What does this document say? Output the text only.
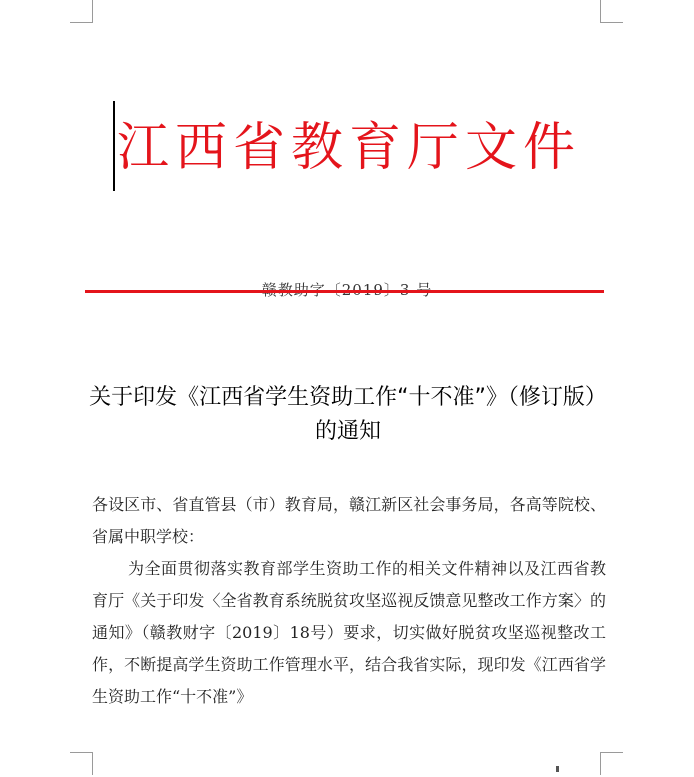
江西省教育厅文件
关于印发《江西省学生资助工作“十不准”》（修订版）的通知

各设区市、省直管县（市）教育局，赣江新区社会事务局，各高等院校、省属中职学校：

为全面贯彻落实教育部学生资助工作的相关文件精神以及江西省教育厅《关于印发〈全省教育系统脱贫攻坚巡视反馈意见整改工作方案〉的通知》（赣教财字〔2019〕18号）要求，切实做好脱贫攻坚巡视整改工作，不断提高学生资助工作管理水平，结合我省实际，现印发《江西省学生资助工作“十不准”》
